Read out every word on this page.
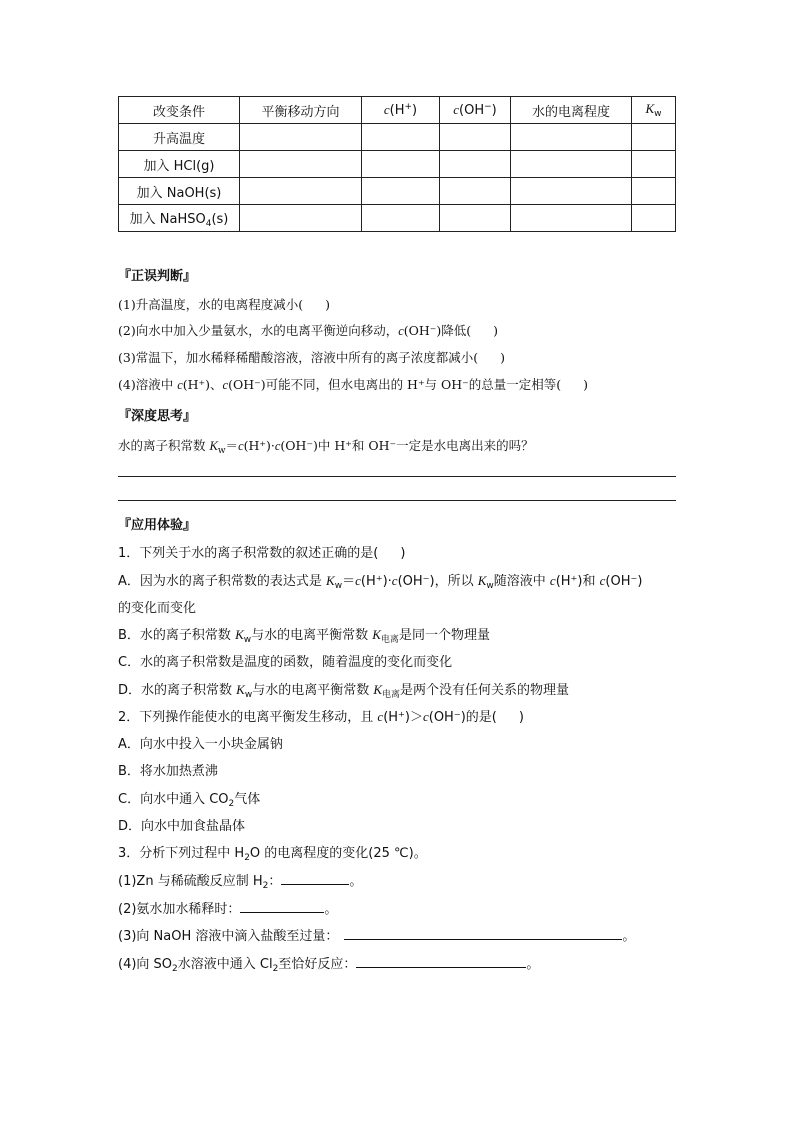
改变条件	平衡移动方向	c(H+)	c(OH−)	水的电离程度	$K_w$
升高温度					
加入 HCl(g)					
加入 NaOH(s)					
加入 NaHSO$_4$(s)					
『正误判断』
(1)升高温度，水的电离程度减小( )
(2)向水中加入少量氨水，水的电离平衡逆向移动，c(OH⁻)降低( )
(3)常温下，加水稀释稀醋酸溶液，溶液中所有的离子浓度都减小( )
(4)溶液中 c(H⁺)、c(OH⁻)可能不同，但水电离出的 H⁺与 OH⁻的总量一定相等( )
『深度思考』
水的离子积常数 $K_w=c(H^+)\cdot c(OH^-)$中 H⁺和 OH⁻一定是水电离出来的吗？
『应用体验』
1．下列关于水的离子积常数的叙述正确的是( )
A．因为水的离子积常数的表达式是 $K_w=c(H^+)\cdot c(OH^-)$，所以 $K_w$随溶液中 c(H⁺)和 c(OH⁻)
的变化而变化
B．水的离子积常数 $K_w$与水的电离平衡常数 $K_{电离}$是同一个物理量
C．水的离子积常数是温度的函数，随着温度的变化而变化
D．水的离子积常数 $K_w$与水的电离平衡常数 $K_{电离}$是两个没有任何关系的物理量
2．下列操作能使水的电离平衡发生移动，且 c(H⁺)＞c(OH⁻)的是( )
A．向水中投入一小块金属钠
B．将水加热煮沸
C．向水中通入 $CO_2$气体
D．向水中加食盐晶体
3．分析下列过程中 $H_2O$ 的电离程度的变化(25 ℃)。
(1)Zn 与稀硫酸反应制 $H_2$：	。
(2)氨水加水稀释时：	。
(3)向 NaOH 溶液中滴入盐酸至过量：	。
(4)向 $SO_2$水溶液中通入 $Cl_2$至恰好反应：	。
